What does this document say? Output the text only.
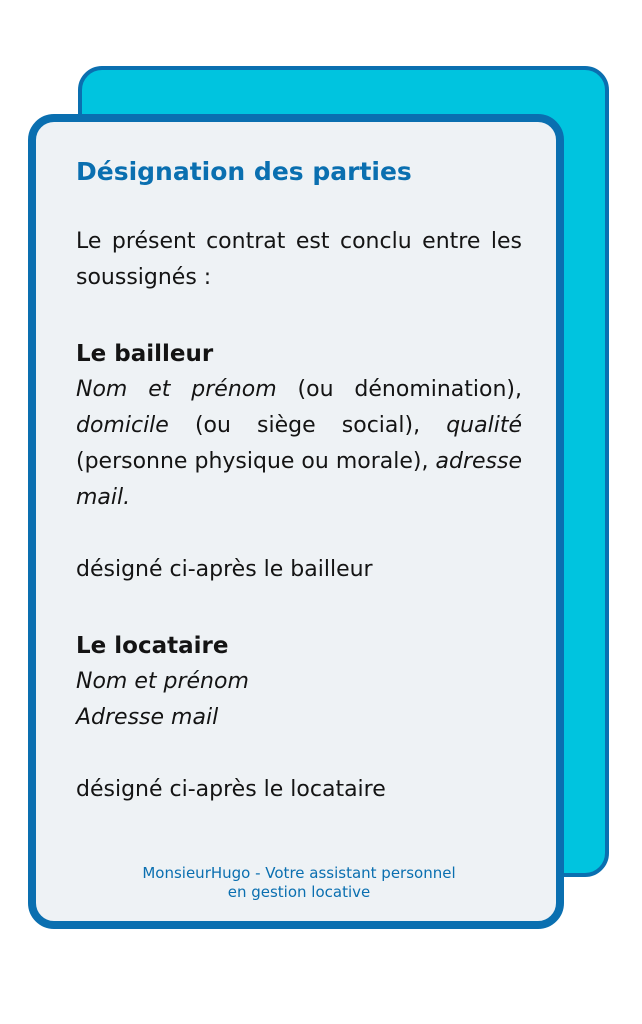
Désignation des parties

Le présent contrat est conclu entre les soussignés :

Le bailleur

Nom et prénom (ou dénomination), domicile (ou siège social), qualité (personne physique ou morale), adresse mail.

désigné ci-après le bailleur

Le locataire

Nom et prénom
Adresse mail

désigné ci-après le locataire

MonsieurHugo - Votre assistant personnel
en gestion locative
